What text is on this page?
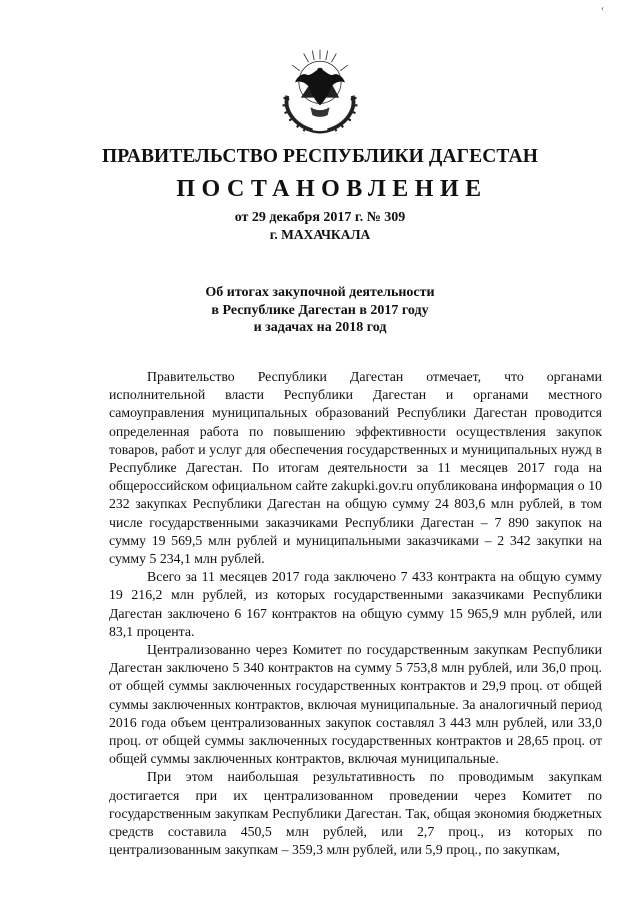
‹
ПРАВИТЕЛЬСТВО РЕСПУБЛИКИ ДАГЕСТАН
ПОСТАНОВЛЕНИЕ
от 29 декабря 2017 г. № 309
г. МАХАЧКАЛА
Об итогах закупочной деятельности
в Республике Дагестан в 2017 году
и задачах на 2018 год

Правительство Республики Дагестан отмечает, что органами исполнительной власти Республики Дагестан и органами местного самоуправления муниципальных образований Республики Дагестан проводится определенная работа по повышению эффективности осуществления закупок товаров, работ и услуг для обеспечения государственных и муниципальных нужд в Республике Дагестан. По итогам деятельности за 11 месяцев 2017 года на общероссийском официальном сайте zakupki.gov.ru опубликована информация о 10 232 закупках Республики Дагестан на общую сумму 24 803,6 млн рублей, в том числе государственными заказчиками Республики Дагестан – 7 890 закупок на сумму 19 569,5 млн рублей и муниципальными заказчиками – 2 342 закупки на сумму 5 234,1 млн рублей.

Всего за 11 месяцев 2017 года заключено 7 433 контракта на общую сумму 19 216,2 млн рублей, из которых государственными заказчиками Республики Дагестан заключено 6 167 контрактов на общую сумму 15 965,9 млн рублей, или 83,1 процента.

Централизованно через Комитет по государственным закупкам Республики Дагестан заключено 5 340 контрактов на сумму 5 753,8 млн рублей, или 36,0 проц. от общей суммы заключенных государственных контрактов и 29,9 проц. от общей суммы заключенных контрактов, включая муниципальные. За аналогичный период 2016 года объем централизованных закупок составлял 3 443 млн рублей, или 33,0 проц. от общей суммы заключенных государственных контрактов и 28,65 проц. от общей суммы заключенных контрактов, включая муниципальные.

При этом наибольшая результативность по проводимым закупкам достигается при их централизованном проведении через Комитет по государственным закупкам Республики Дагестан. Так, общая экономия бюджетных средств составила 450,5 млн рублей, или 2,7 проц., из которых по централизованным закупкам – 359,3 млн рублей, или 5,9 проц., по закупкам,
